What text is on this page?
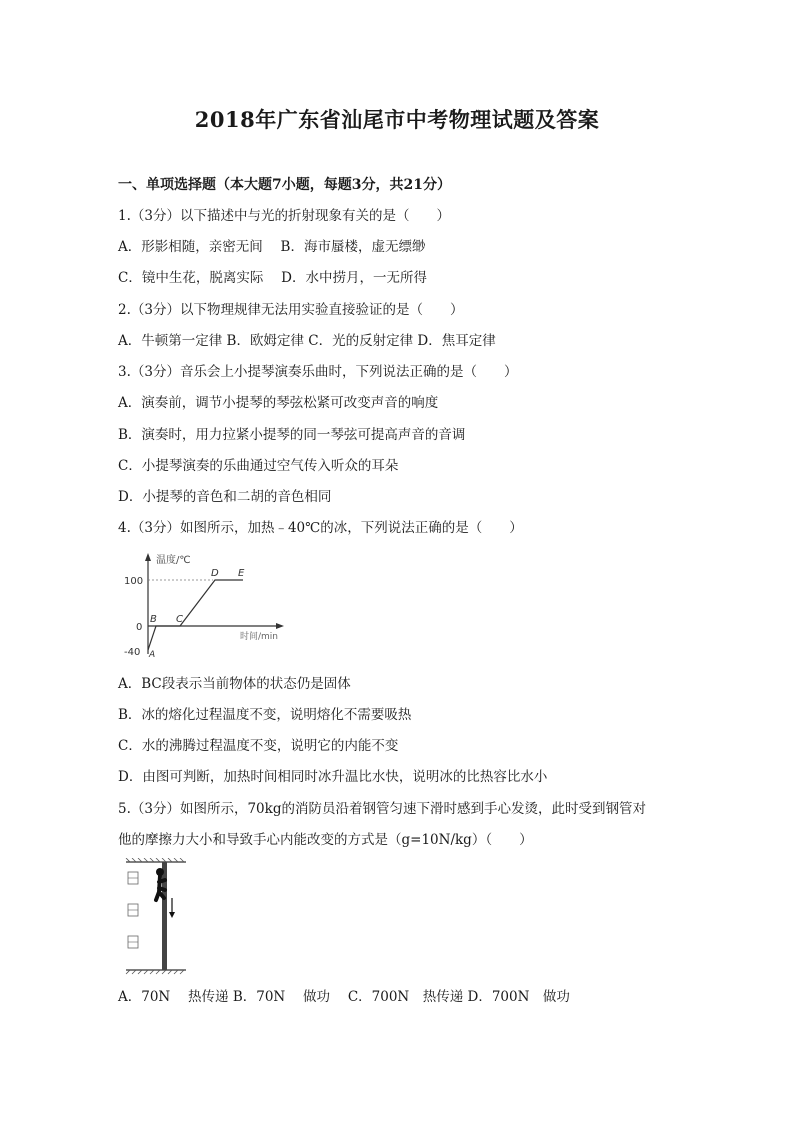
2018年广东省汕尾市中考物理试题及答案
一、单项选择题（本大题7小题，每题3分，共21分）
1.（3分）以下描述中与光的折射现象有关的是（　　）
A．形影相随，亲密无间　 B．海市蜃楼，虚无缥缈
C．镜中生花，脱离实际　 D．水中捞月，一无所得
2.（3分）以下物理规律无法用实验直接验证的是（　　）
A．牛顿第一定律 B．欧姆定律 C．光的反射定律 D．焦耳定律
3.（3分）音乐会上小提琴演奏乐曲时，下列说法正确的是（　　）
A．演奏前，调节小提琴的琴弦松紧可改变声音的响度
B．演奏时，用力拉紧小提琴的同一琴弦可提高声音的音调
C．小提琴演奏的乐曲通过空气传入听众的耳朵
D．小提琴的音色和二胡的音色相同
4.（3分）如图所示，加热﹣40℃的冰，下列说法正确的是（　　）
温度/℃
时间/min
100
0
-40 A
B C
D E
A．BC段表示当前物体的状态仍是固体
B．冰的熔化过程温度不变，说明熔化不需要吸热
C．水的沸腾过程温度不变，说明它的内能不变
D．由图可判断，加热时间相同时冰升温比水快，说明冰的比热容比水小
5.（3分）如图所示，70kg的消防员沿着钢管匀速下滑时感到手心发烫，此时受到钢管对
他的摩擦力大小和导致手心内能改变的方式是（g=10N/kg）（　　）
A．70N　 热传递 B．70N　 做功　 C．700N　热传递 D．700N　做功
